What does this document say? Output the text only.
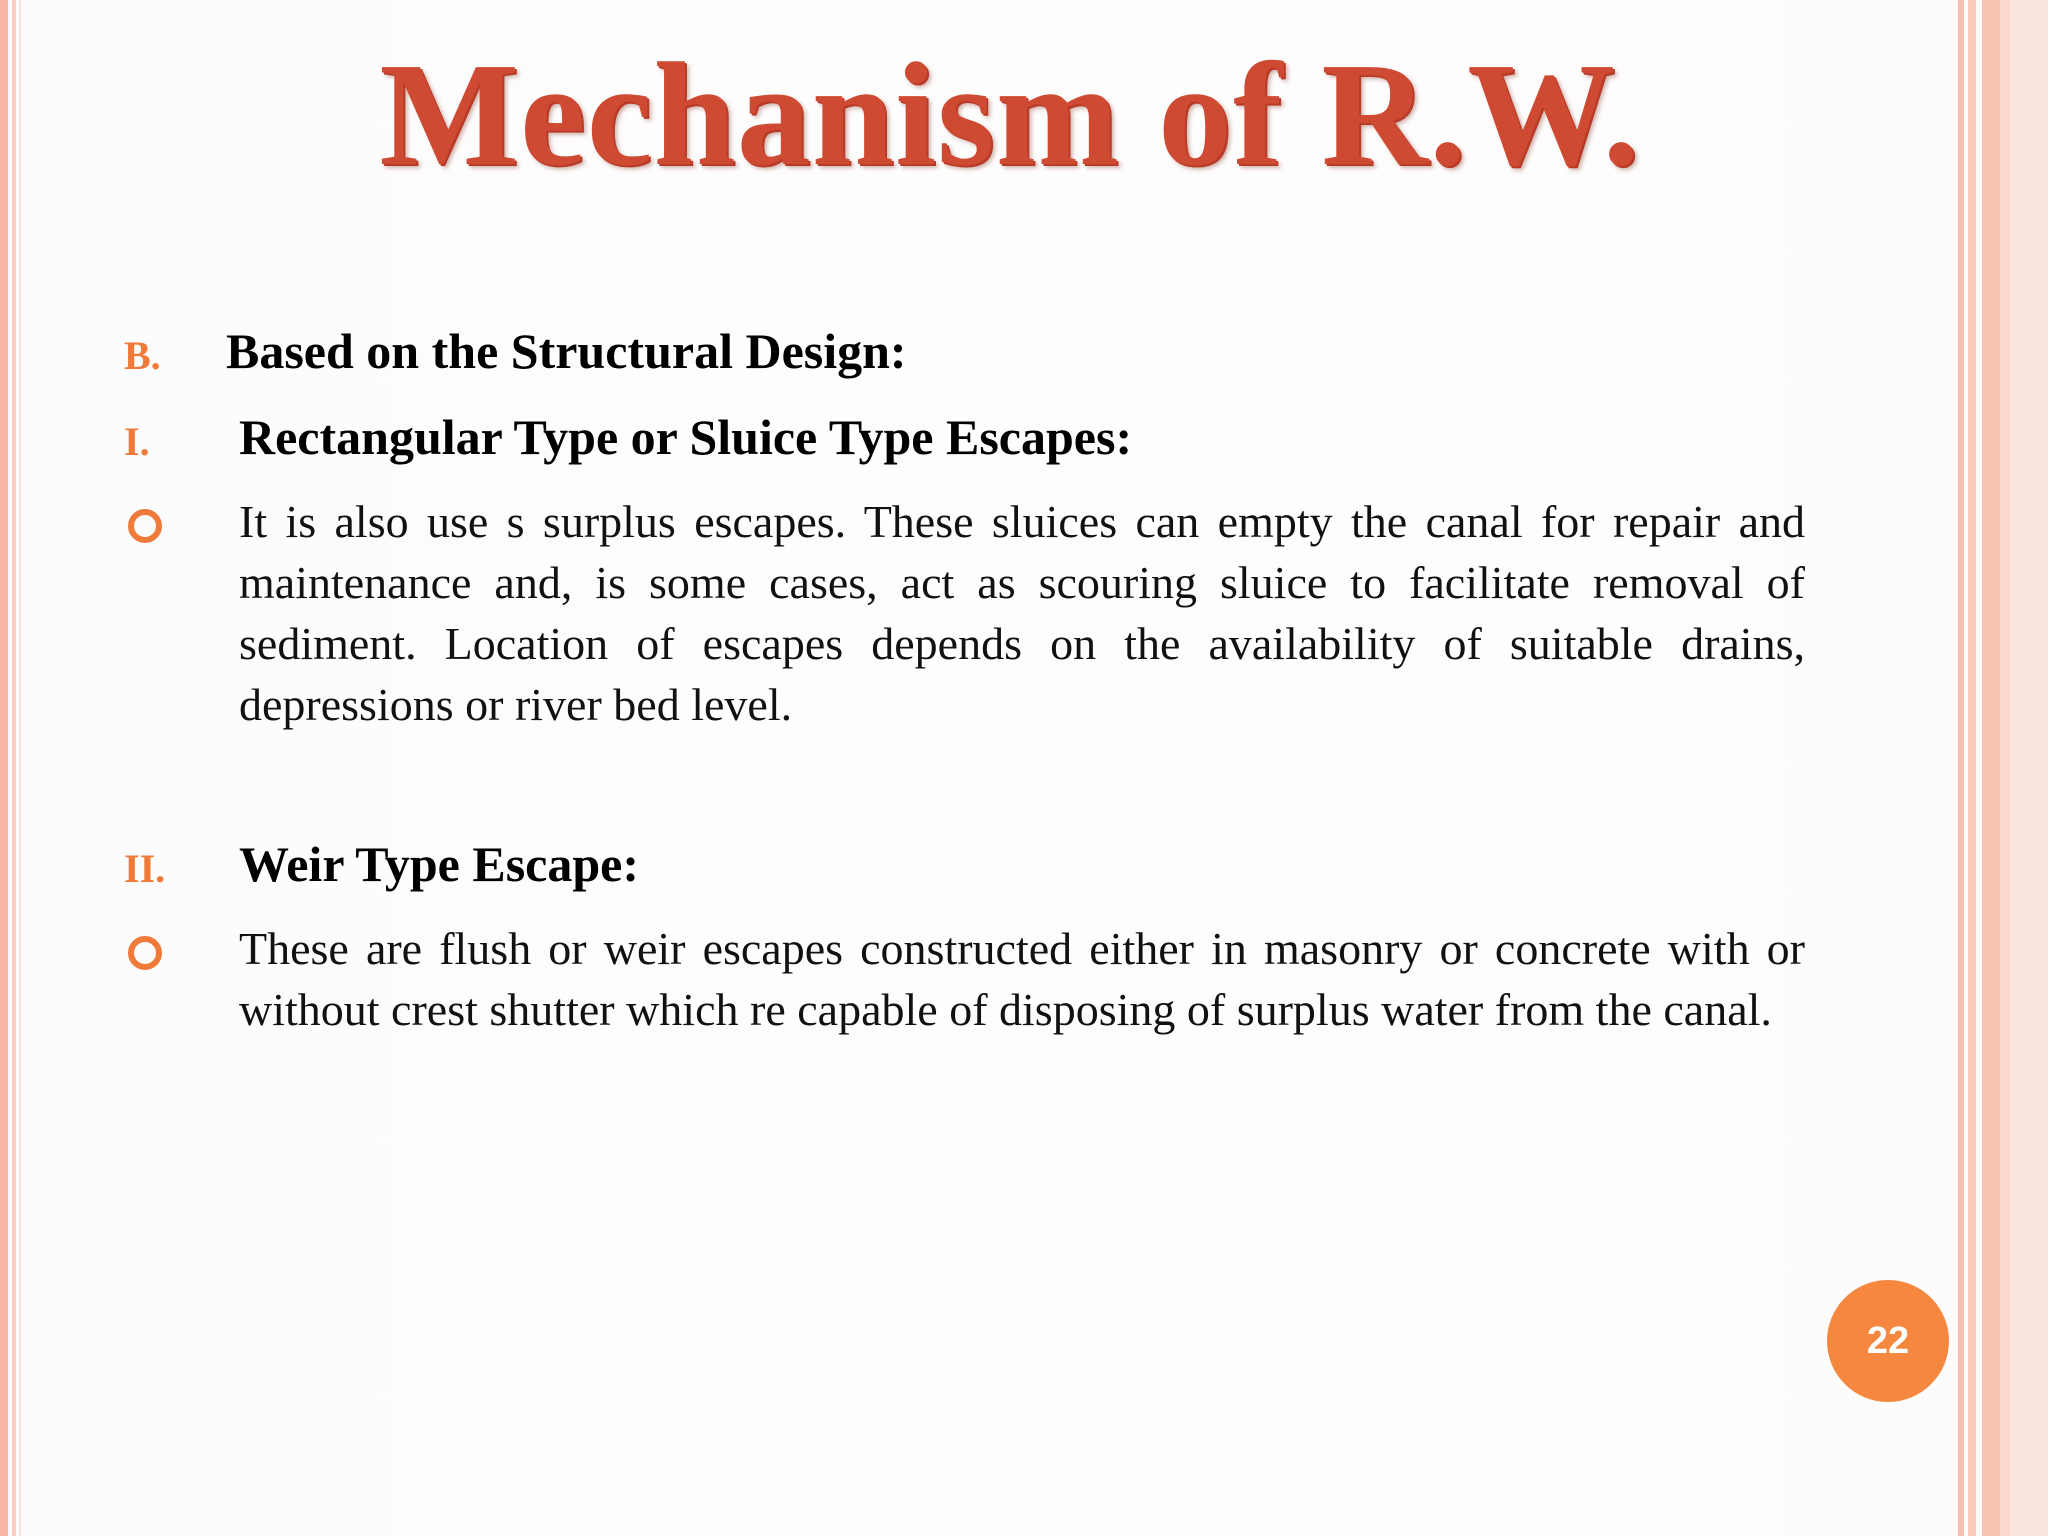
Mechanism of R.W.
B. Based on the Structural Design:
I. Rectangular Type or Sluice Type Escapes:
It is also use s surplus escapes. These sluices can empty the canal for repair and maintenance and, is some cases, act as scouring sluice to facilitate removal of sediment. Location of escapes depends on the availability of suitable drains, depressions or river bed level.
II. Weir Type Escape:
These are flush or weir escapes constructed either in masonry or concrete with or without crest shutter which re capable of disposing of surplus water from the canal.
22
